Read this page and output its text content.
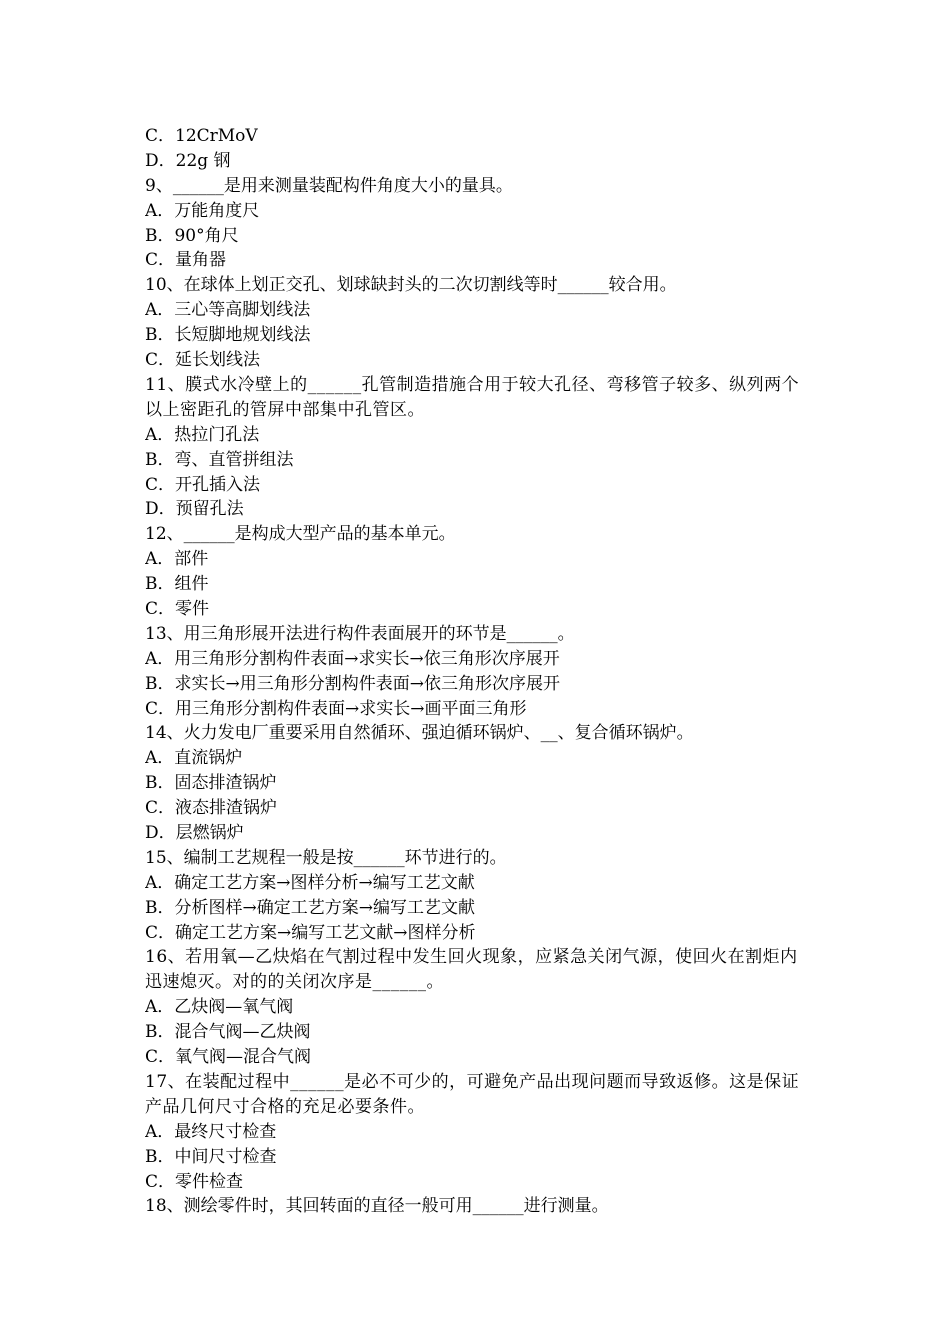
C．12CrMoV
D．22g 钢
9、______是用来测量装配构件角度大小的量具。
A．万能角度尺
B．90°角尺
C．量角器
10、在球体上划正交孔、划球缺封头的二次切割线等时______较合用。
A．三心等高脚划线法
B．长短脚地规划线法
C．延长划线法
11、膜式水冷壁上的______孔管制造措施合用于较大孔径、弯移管子较多、纵列两个以上密距孔的管屏中部集中孔管区。
A．热拉门孔法
B．弯、直管拼组法
C．开孔插入法
D．预留孔法
12、______是构成大型产品的基本单元。
A．部件
B．组件
C．零件
13、用三角形展开法进行构件表面展开的环节是______。
A．用三角形分割构件表面→求实长→依三角形次序展开
B．求实长→用三角形分割构件表面→依三角形次序展开
C．用三角形分割构件表面→求实长→画平面三角形
14、火力发电厂重要采用自然循环、强迫循环锅炉、__、复合循环锅炉。
A．直流锅炉
B．固态排渣锅炉
C．液态排渣锅炉
D．层燃锅炉
15、编制工艺规程一般是按______环节进行的。
A．确定工艺方案→图样分析→编写工艺文献
B．分析图样→确定工艺方案→编写工艺文献
C．确定工艺方案→编写工艺文献→图样分析
16、若用氧—乙炔焰在气割过程中发生回火现象，应紧急关闭气源，使回火在割炬内迅速熄灭。对的的关闭次序是______。
A．乙炔阀—氧气阀
B．混合气阀—乙炔阀
C．氧气阀—混合气阀
17、在装配过程中______是必不可少的，可避免产品出现问题而导致返修。这是保证产品几何尺寸合格的充足必要条件。
A．最终尺寸检查
B．中间尺寸检查
C．零件检查
18、测绘零件时，其回转面的直径一般可用______进行测量。
